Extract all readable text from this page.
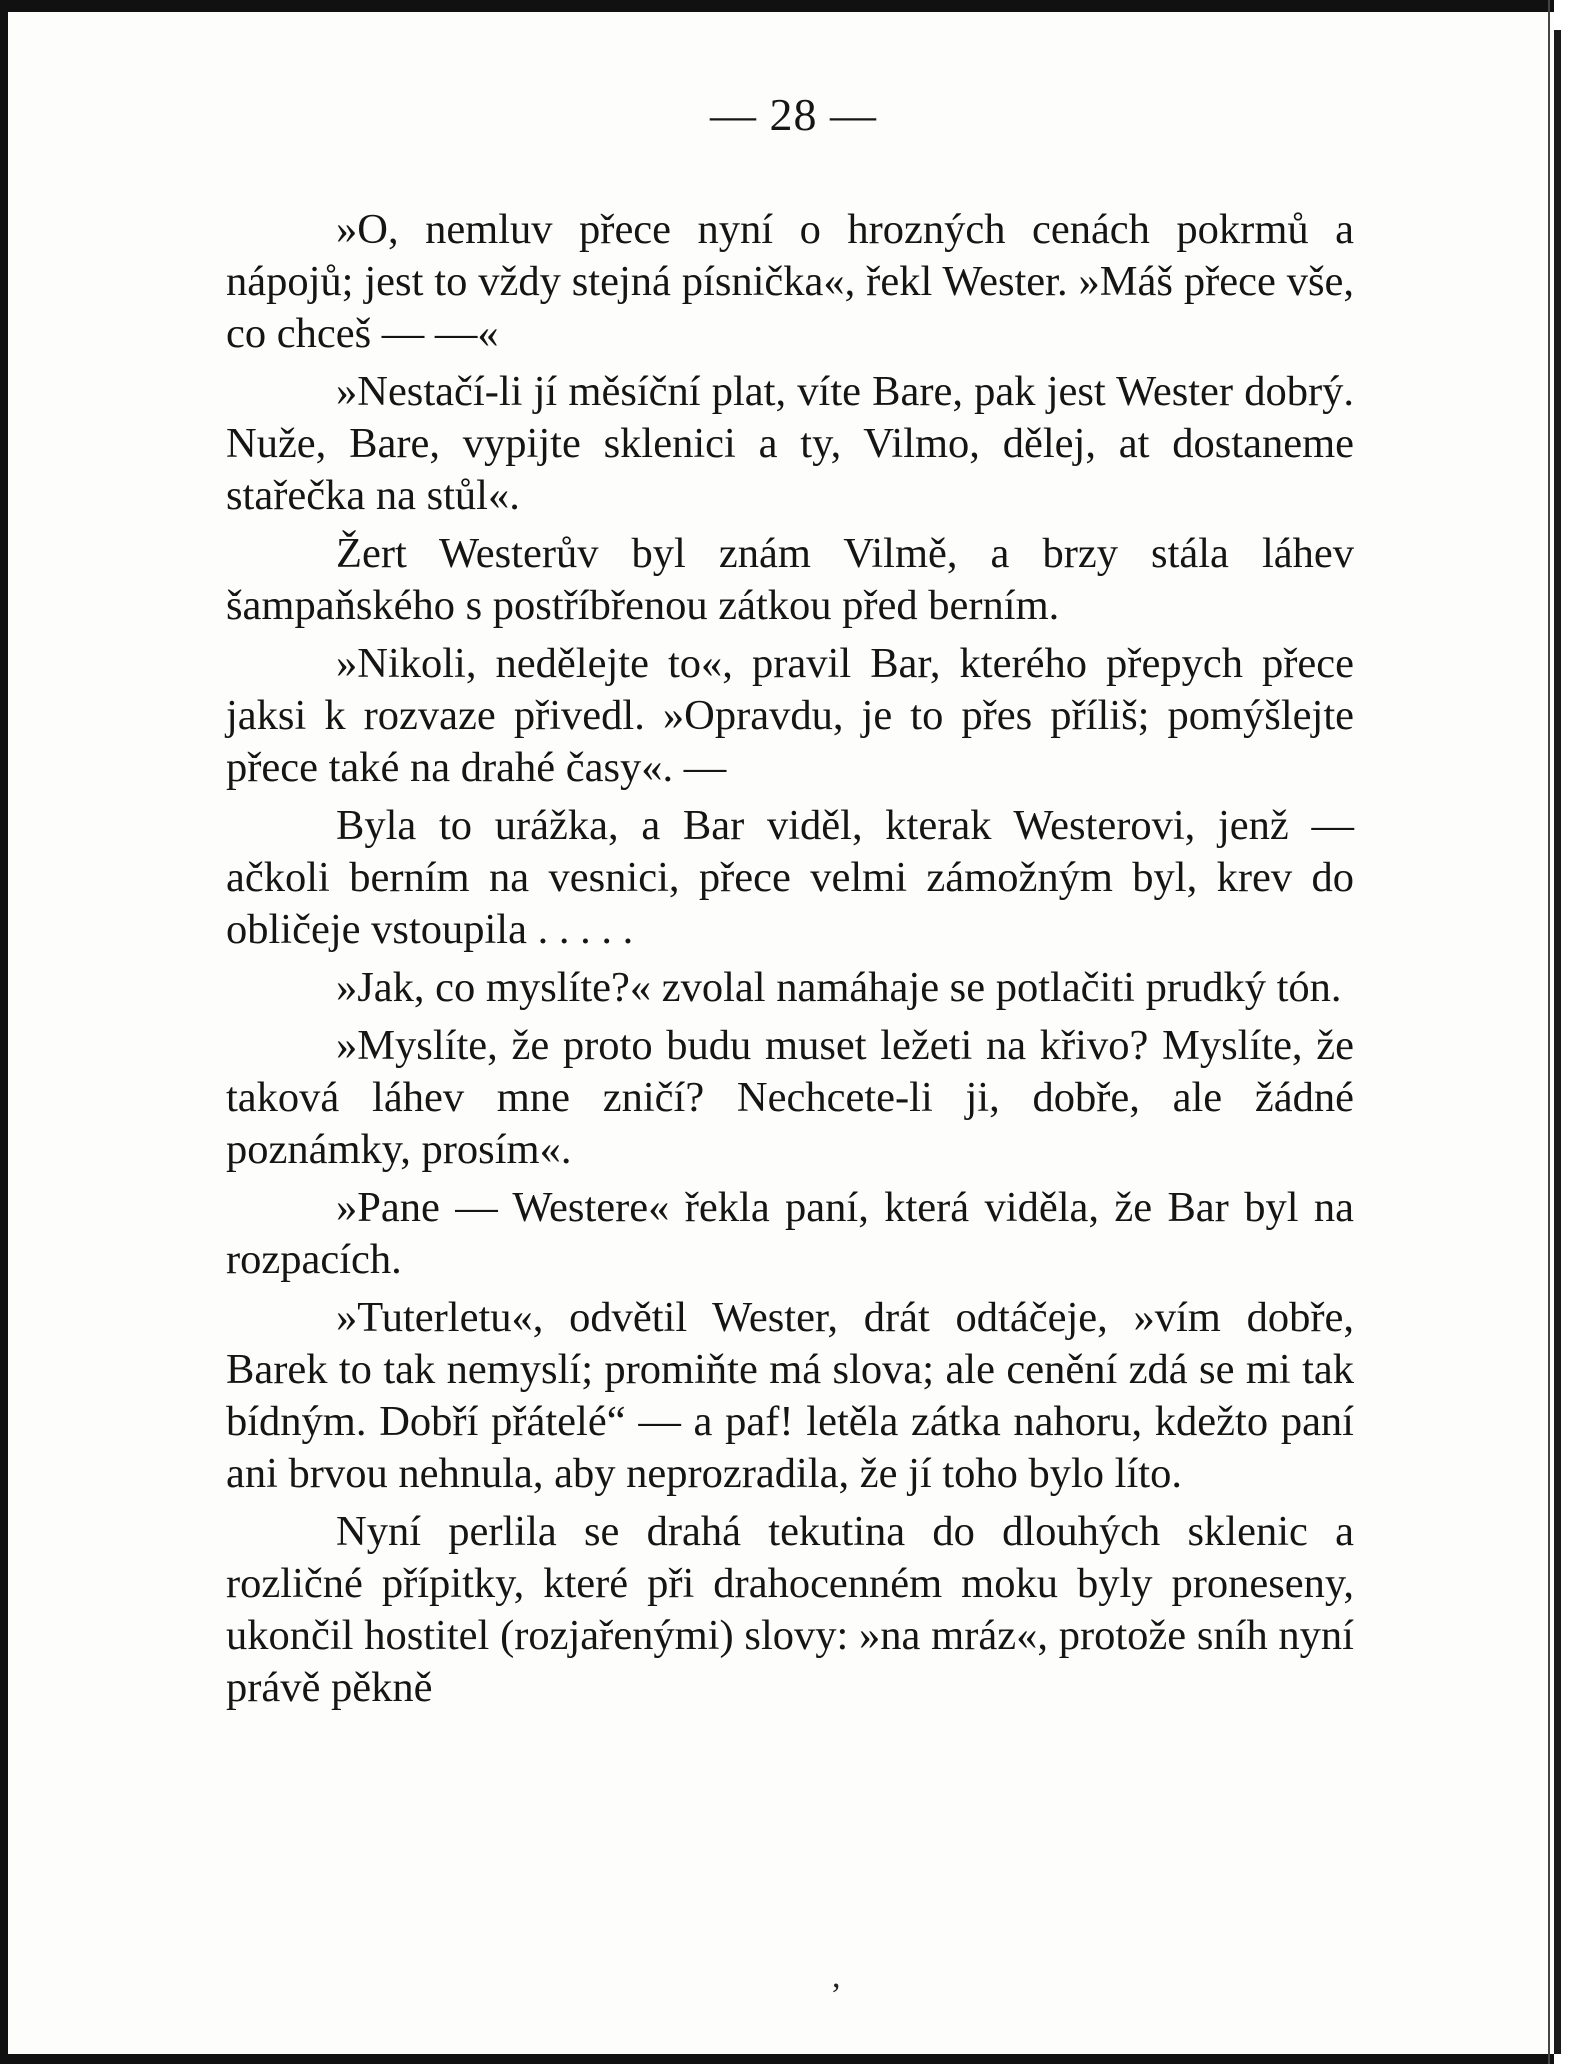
— 28 —

»O, nemluv přece nyní o hrozných cenách pokrmů a nápojů; jest to vždy stejná písnička«, řekl Wester. »Máš přece vše, co chceš — —«

»Nestačí-li jí měsíční plat, víte Bare, pak jest Wester dobrý. Nuže, Bare, vypijte sklenici a ty, Vilmo, dělej, at dostaneme stařečka na stůl«.

Žert Westerův byl znám Vilmě, a brzy stála láhev šampaňského s postříbřenou zátkou před berním.

»Nikoli, nedělejte to«, pravil Bar, kterého přepych přece jaksi k rozvaze přivedl. »Opravdu, je to přes příliš; pomýšlejte přece také na drahé časy«. —

Byla to urážka, a Bar viděl, kterak Westerovi, jenž — ačkoli berním na vesnici, přece velmi zámožným byl, krev do obličeje vstoupila . . . . .

»Jak, co myslíte?« zvolal namáhaje se potlačiti prudký tón.

»Myslíte, že proto budu muset ležeti na křivo? Myslíte, že taková láhev mne zničí? Nechcete-li ji, dobře, ale žádné poznámky, prosím«.

»Pane — Westere« řekla paní, která viděla, že Bar byl na rozpacích.

»Tuterletu«, odvětil Wester, drát odtáčeje, »vím dobře, Barek to tak nemyslí; promiňte má slova; ale cenění zdá se mi tak bídným. Dobří přátelé“ — a paf! letěla zátka nahoru, kdežto paní ani brvou nehnula, aby neprozradila, že jí toho bylo líto.

Nyní perlila se drahá tekutina do dlouhých sklenic a rozličné přípitky, které při drahocenném moku byly proneseny, ukončil hostitel (rozjařenými) slovy: »na mráz«, protože sníh nyní právě pěkně

,
